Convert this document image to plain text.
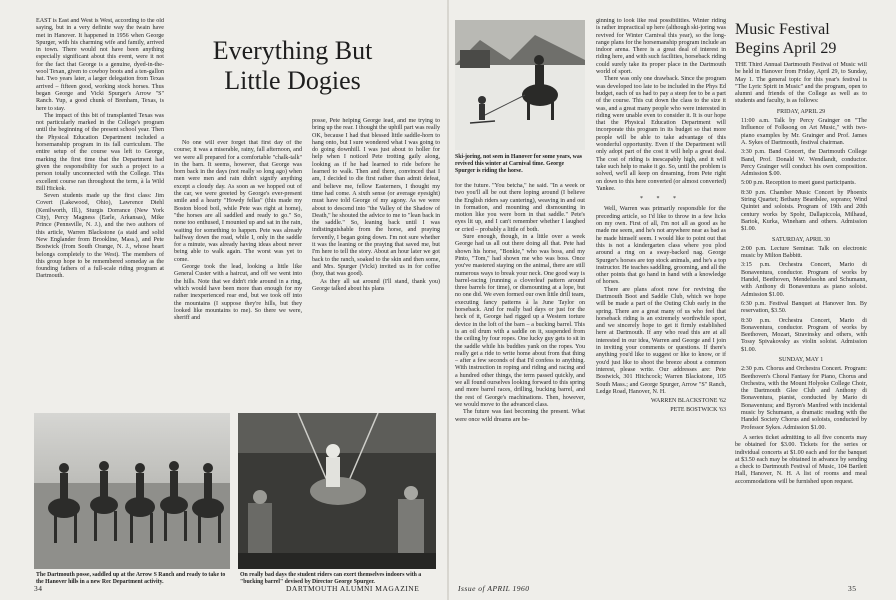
Everything But Little Dogies

EAST is East and West is West, according to the old saying, but in a very definite way the twain have met in Hanover. It happened in 1956 when George Spurger, with his charming wife and family, arrived in town. There would not have been anything especially significant about this event, were it not for the fact that George is a genuine, dyed-in-the-wool Texan, given to cowboy boots and a ten-gallon hat. Two years later, a larger delegation from Texas arrived – fifteen good, working stock horses. Thus began George and Vicki Spurger's Arrow "S" Ranch. Yup, a good chunk of Brenham, Texas, is here to stay.

The impact of this bit of transplanted Texas was not particularly marked in the College's program until the beginning of the present school year. Then the Physical Education Department included a horsemanship program in its fall curriculum. The entire setup of the course was left to George, marking the first time that the Department had given the responsibility for such a project to a person totally unconnected with the College. This excellent course ran throughout the term, à la Wild Bill Hickok.

Seven students made up the first class: Jim Covert (Lakewood, Ohio), Lawrence Diehl (Kenilworth, Ill.), Sturgis Dorrance (New York City), Percy Magness (Earle, Arkansas), Mike Prince (Pennsville, N. J.), and the two authors of this article, Warren Blackstone (a staid and solid New Englander from Brookline, Mass.), and Pete Bostwick (from South Orange, N. J., whose heart belongs completely to the West). The members of this group hope to be remembered someday as the founding fathers of a full-scale riding program at Dartmouth.

No one will ever forget that first day of the course; it was a miserable, rainy, fall afternoon, and we were all prepared for a comfortable "chalk-talk" in the barn. It seems, however, that George was born back in the days (not really so long ago) when men were men and rain didn't signify anything except a cloudy day. As soon as we hopped out of the car, we were greeted by George's ever-present smile and a hearty "Howdy fellas" (this made my Boston blood boil, while Pete was right at home), "the horses are all saddled and ready to go." So, none too enthused, I mounted up and sat in the rain, waiting for something to happen. Pete was already halfway down the road, while I, only in the saddle for a minute, was already having ideas about never being able to walk again. The worst was yet to come.

George took the lead, looking a little like General Custer with a haircut, and off we went into the hills. Note that we didn't ride around in a ring, which would have been more than enough for my rather inexperienced rear end, but we took off into the mountains (I suppose they're hills, but they looked like mountains to me). So there we were, sheriff and

posse, Pete helping George lead, and me trying to bring up the rear. I thought the uphill part was really OK, because I had that blessed little saddle-horn to hang onto, but I sure wondered what I was going to do going downhill. I was just about to holler for help when I noticed Pete trotting gaily along, looking as if he had learned to ride before he learned to walk. Then and there, convinced that I am, I decided to die first rather than admit defeat, and believe me, fellow Easterners, I thought my time had come. A sixth sense (or average eyesight) must have told George of my agony. As we were about to descend into "the Valley of the Shadow of Death," he shouted the advice to me to "lean back in the saddle." So, leaning back until I was indistinguishable from the horse, and praying fervently, I began going down. I'm not sure whether it was the leaning or the praying that saved me, but I'm here to tell the story. About an hour later we got back to the ranch, soaked to the skin and then some, and Mrs. Spurger (Vicki) invited us in for coffee (boy, that was good).

As they all sat around (I'll stand, thank you) George talked about his plans

The Dartmouth posse, saddled up at the Arrow S Ranch and ready to take to the Hanover hills in a new Rec Department activity.
On really bad days the student riders can exert themselves indoors with a "bucking barrel" devised by Director George Spurger.
34	DARTMOUTH ALUMNI MAGAZINE
Ski-joring, not seen in Hanover for some years, was revived this winter at Carnival time. George Spurger is riding the horse.

for the future. "You betcha," he said. "In a week or two you'll all be out there loping around (I believe the English riders say cantering), weaving in and out in formation, and mounting and dismounting in motion like you were born in that saddle." Pete's eyes lit up, and I can't remember whether I laughed or cried – probably a little of both.

Sure enough, though, in a little over a week George had us all out there doing all that. Pete had shown his horse, "Bonkie," who was boss, and my Pinto, "Tom," had shown me who was boss. Once you've mastered staying on the animal, there are still numerous ways to break your neck. One good way is barrel-racing (running a cloverleaf pattern around three barrels for time), or dismounting at a lope, but no one did. We even formed our own little drill team, executing fancy patterns à la June Taylor on horseback. And for really bad days or just for the heck of it, George had rigged up a Western torture device in the loft of the barn – a bucking barrel. This is an oil drum with a saddle on it, suspended from the ceiling by four ropes. One lucky guy gets to sit in the saddle while his buddies yank on the ropes. You really get a ride to write home about from that thing – after a few seconds of that I'd confess to anything. With instruction in roping and riding and racing and a hundred other things, the term passed quickly, and we all found ourselves looking forward to this spring and more barrel races, drilling, bucking barrel, and the rest of George's machinations. Then, however, we would move to the advanced class.

The future was fast becoming the present. What were once wild dreams are be-

ginning to look like real possibilities. Winter riding is rather impractical up here (although ski-joring was revived for Winter Carnival this year), so the long-range plans for the horsemanship program include an indoor arena. There is a great deal of interest in riding here, and with such facilities, horseback riding could surely take its proper place in the Dartmouth world of sport.

There was only one drawback. Since the program was developed too late to be included in the Phys Ed budget, each of us had to pay a steep fee to be a part of the course. This cut down the class to the size it was, and a great many people who were interested in riding were unable even to consider it. It is our hope that the Physical Education Department will incorporate this program in its budget so that more people will be able to take advantage of this wonderful opportunity. Even if the Department will only adopt part of the cost it will help a great deal. The cost of riding is inescapably high, and it will take such help to make it go. So, until the problem is solved, we'll all keep on dreaming, from Pete right on down to this here converted (or almost converted) Yankee.

* * *

Well, Warren was primarily responsible for the preceding article, so I'd like to throw in a few licks on my own. First of all, I'm not all as good as he made me seem, and he's not anywhere near as bad as he made himself seem. I would like to point out that this is not a kindergarten class where you plod around a ring on a sway-backed nag. George Spurger's horses are top stock animals, and he's a top instructor. He teaches saddling, grooming, and all the other points that go hand in hand with a knowledge of horses.

There are plans afoot now for reviving the Dartmouth Boot and Saddle Club, which we hope will be made a part of the Outing Club early in the spring. There are a great many of us who feel that horseback riding is an extremely worthwhile sport, and we sincerely hope to get it firmly established here at Dartmouth. If any who read this are at all interested in our idea, Warren and George and I join in inviting your comments or questions. If there's anything you'd like to suggest or like to know, or if you'd just like to shoot the breeze about a common interest, please write. Our addresses are: Pete Bostwick, 301 Hitchcock; Warren Blackstone, 105 South Mass.; and George Spurger, Arrow "S" Ranch, Ledge Road, Hanover, N. H.

WARREN BLACKSTONE '62
PETE BOSTWICK '63
Music Festival Begins April 29

THE Third Annual Dartmouth Festival of Music will be held in Hanover from Friday, April 29, to Sunday, May 1. The general topic for this year's festival is "The Lyric Spirit in Music" and the program, open to alumni and friends of the College as well as to students and faculty, is as follows:

FRIDAY, APRIL 29

11:00 a.m. Talk by Percy Grainger on "The Influence of Folksong on Art Music," with two-piano examples by Mr. Grainger and Prof. James A. Sykes of Dartmouth, festival chairman.

3:30 p.m. Band Concert, the Dartmouth College Band, Prof. Donald W. Wendlandt, conductor. Percy Grainger will conduct his own composition. Admission $.00.

5:00 p.m. Reception to meet guest participants.

8:30 p.m. Chamber Music Concert by Phoenix String Quartet; Bethany Beardslee, soprano; Wind Quintet and soloists. Program of 19th and 20th century works by Spohr, Dallapiccola, Milhaud, Bartok, Kurka, Wineham and others. Admission $1.00.

SATURDAY, APRIL 30

2:00 p.m. Lecture Seminar. Talk on electronic music by Milton Babbitt.

3:15 p.m. Orchestra Concert, Mario di Bonaventura, conductor. Program of works by Handel, Beethoven, Mendelssohn and Schumann, with Anthony di Bonaventura as piano soloist. Admission $1.00.

6:30 p.m. Festival Banquet at Hanover Inn. By reservation, $3.50.

8:30 p.m. Orchestra Concert, Mario di Bonaventura, conductor. Program of works by Beethoven, Mozart, Stravinsky and others, with Tossy Spivakovsky as violin soloist. Admission $1.00.

SUNDAY, MAY 1

2:30 p.m. Chorus and Orchestra Concert. Program: Beethoven's Choral Fantasy for Piano, Chorus and Orchestra, with the Mount Holyoke College Choir, the Dartmouth Glee Club and Anthony di Bonaventura, pianist, conducted by Mario di Bonaventura; and Byron's Manfred with incidental music by Schumann, a dramatic reading with the Handel Society Chorus and soloists, conducted by Professor Sykes. Admission $1.00.

A series ticket admitting to all five concerts may be obtained for $3.00. Tickets for the series or individual concerts at $1.00 each and for the banquet at $3.50 each may be obtained in advance by sending a check to Dartmouth Festival of Music, 104 Bartlett Hall, Hanover, N. H. A list of rooms and meal accommodations will be furnished upon request.

Issue of APRIL 1960	35
